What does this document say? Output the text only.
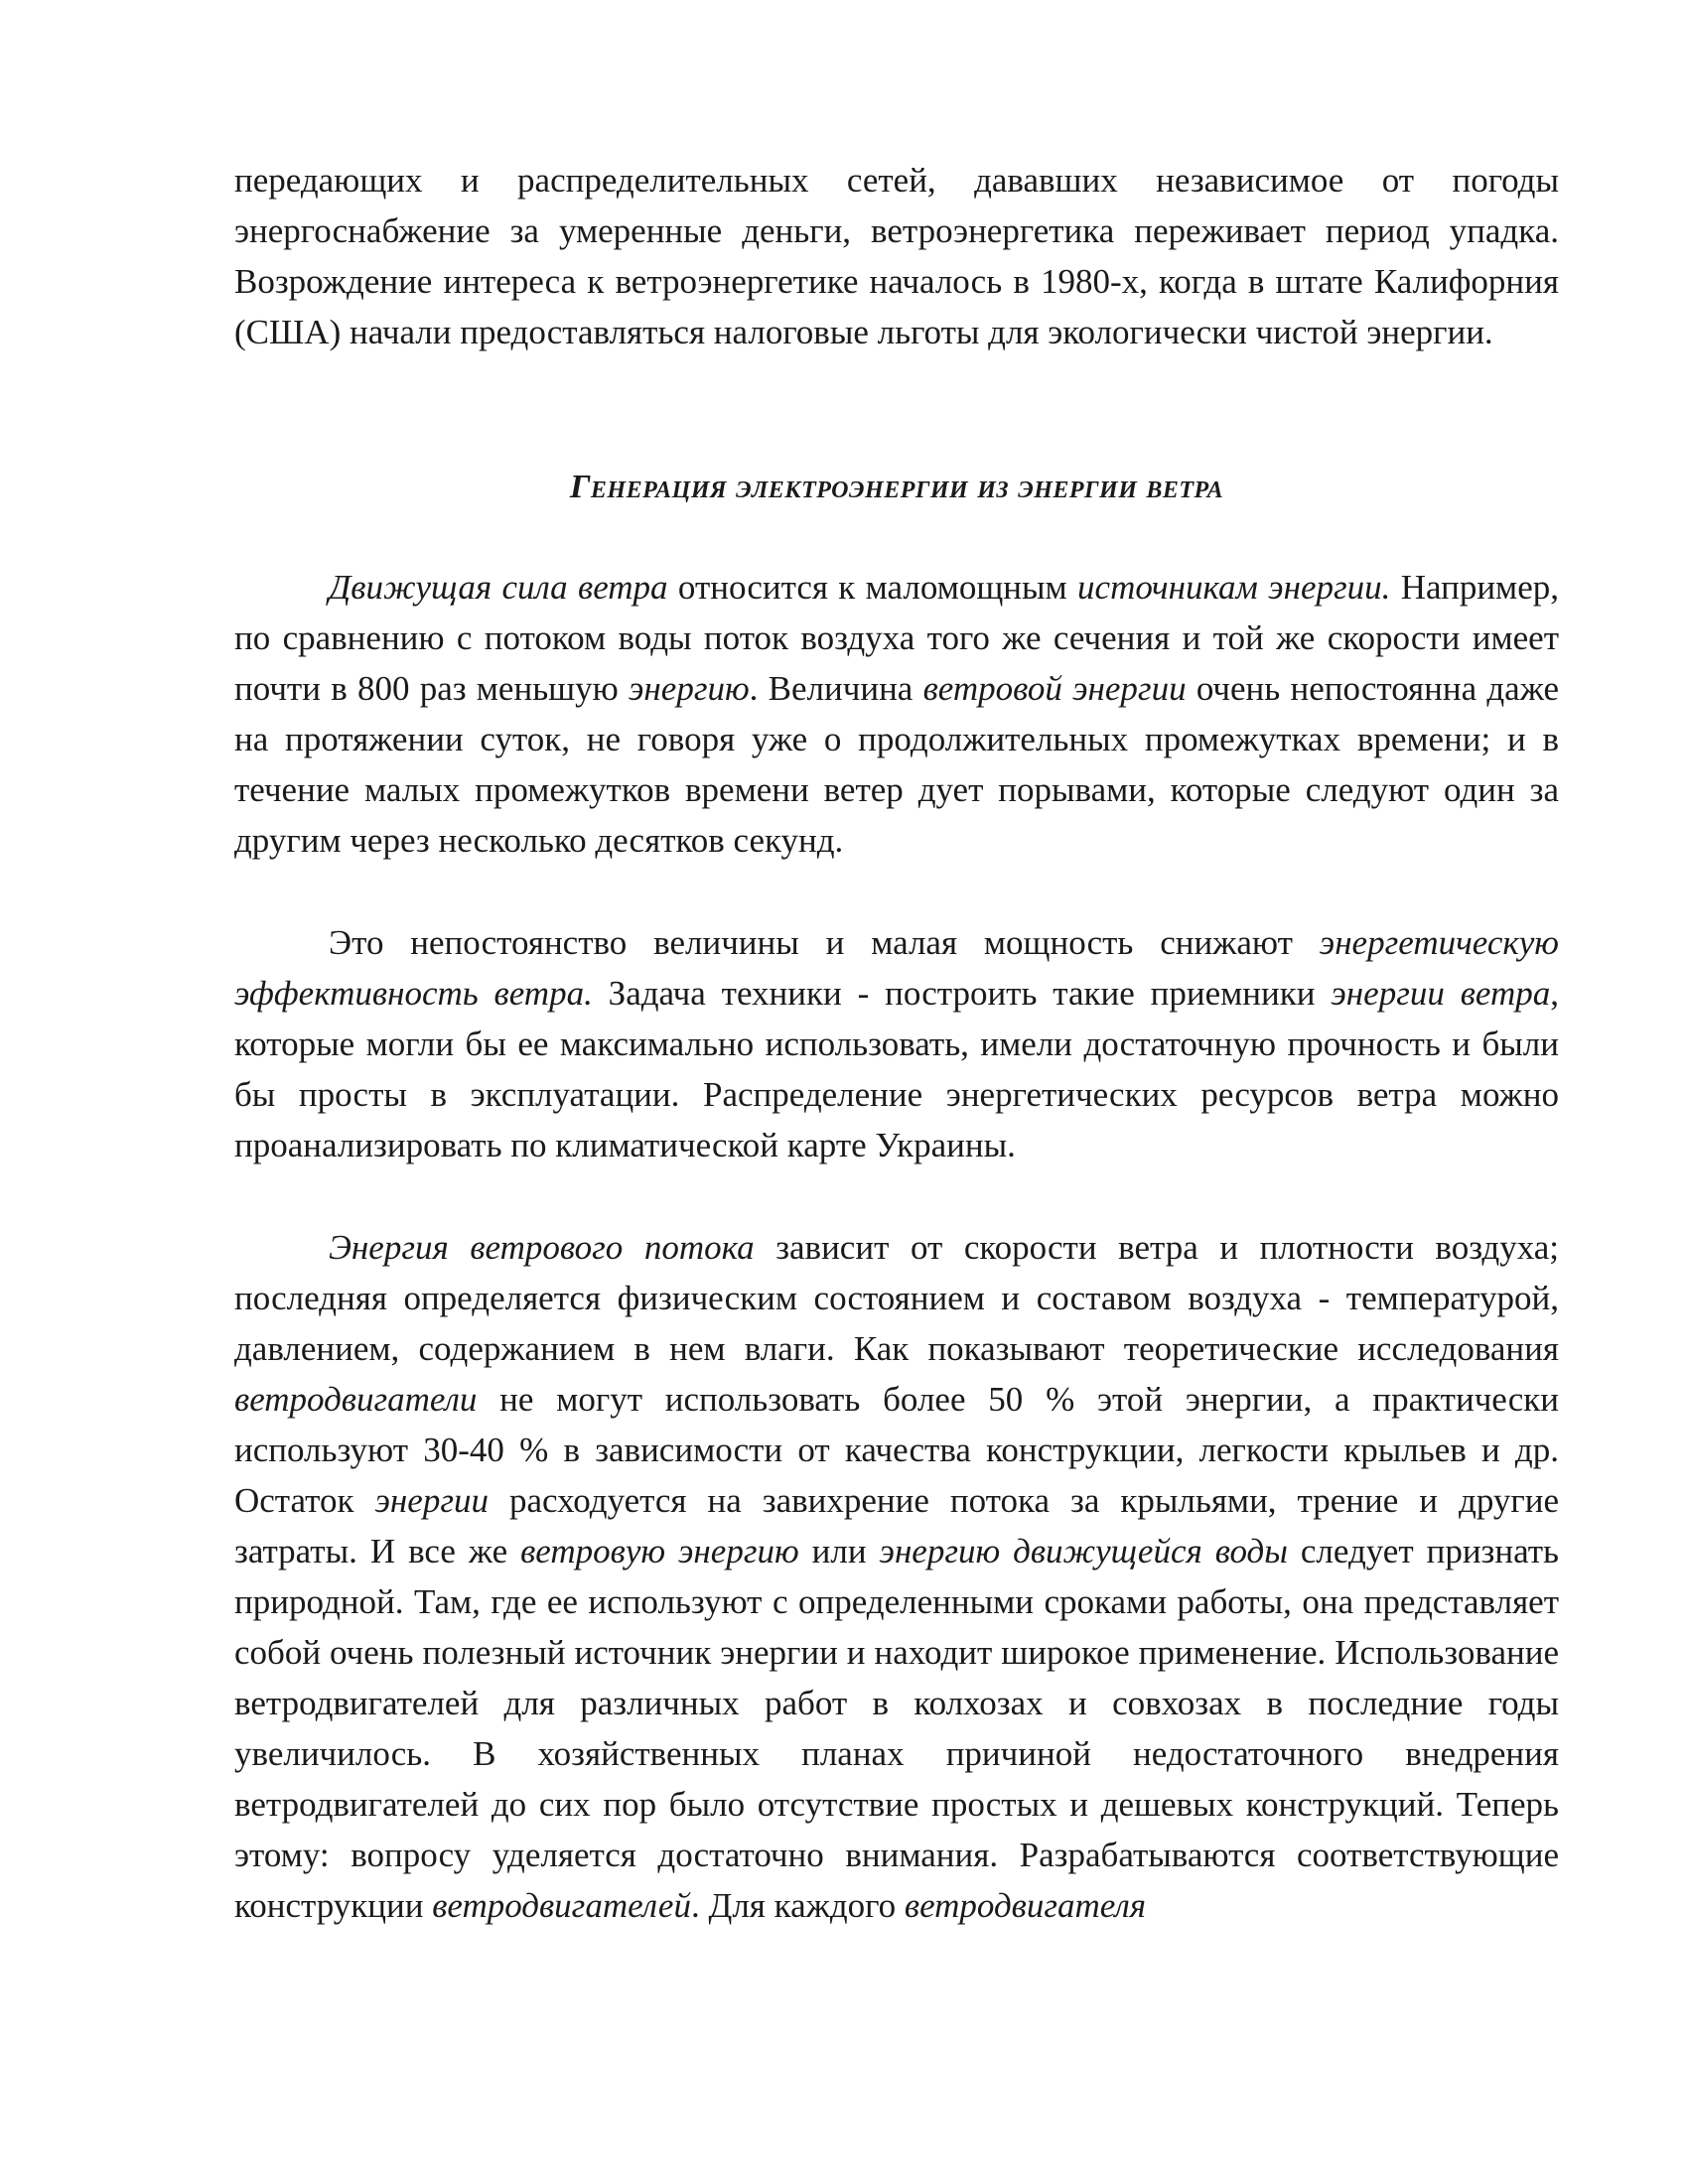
передающих и распределительных сетей, дававших независимое от погоды энергоснабжение за умеренные деньги, ветроэнергетика переживает период упадка. Возрождение интереса к ветроэнергетике началось в 1980-х, когда в штате Калифорния (США) начали предоставляться налоговые льготы для экологически чистой энергии.

Генерация электроэнергии из энергии ветра

Движущая сила ветра относится к маломощным источникам энергии. Например, по сравнению с потоком воды поток воздуха того же сечения и той же скорости имеет почти в 800 раз меньшую энергию. Величина ветровой энергии очень непостоянна даже на протяжении суток, не говоря уже о продолжительных промежутках времени; и в течение малых промежутков времени ветер дует порывами, которые следуют один за другим через несколько десятков секунд.

Это непостоянство величины и малая мощность снижают энергетическую эффективность ветра. Задача техники - построить такие приемники энергии ветра, которые могли бы ее максимально использовать, имели достаточную прочность и были бы просты в эксплуатации. Распределение энергетических ресурсов ветра можно проанализировать по климатической карте Украины.

Энергия ветрового потока зависит от скорости ветра и плотности воздуха; последняя определяется физическим состоянием и составом воздуха - температурой, давлением, содержанием в нем влаги. Как показывают теоретические исследования ветродвигатели не могут использовать более 50 % этой энергии, а практически используют 30-40 % в зависимости от качества конструкции, легкости крыльев и др. Остаток энергии расходуется на завихрение потока за крыльями, трение и другие затраты. И все же ветровую энергию или энергию движущейся воды следует признать природной. Там, где ее используют с определенными сроками работы, она представляет собой очень полезный источник энергии и находит широкое применение. Использование ветродвигателей для различных работ в колхозах и совхозах в последние годы увеличилось. В хозяйственных планах причиной недостаточного внедрения ветродвигателей до сих пор было отсутствие простых и дешевых конструкций. Теперь этому: вопросу уделяется достаточно внимания. Разрабатываются соответствующие конструкции ветродвигателей. Для каждого ветродвигателя
